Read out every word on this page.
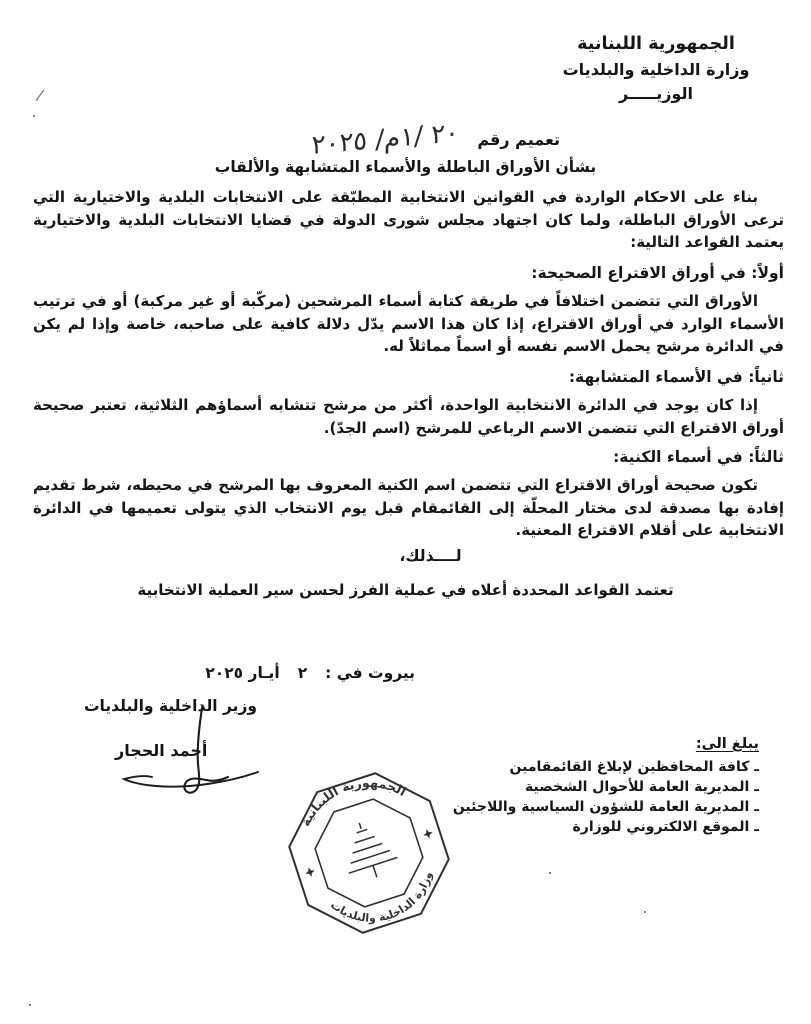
الجمهورية اللبنانية
وزارة الداخلية والبلديات
الوزيـــــر
تعميم رقم
٢٠ /١م/ ٢٠٢٥
بشأن الأوراق الباطلة والأسماء المتشابهة والألقاب
بناء على الاحكام الواردة في القوانين الانتخابية المطبّقة على الانتخابات البلدية والاختيارية التي ترعى الأوراق الباطلة، ولما كان اجتهاد مجلس شورى الدولة في قضايا الانتخابات البلدية والاختيارية يعتمد القواعد التالية:
أولاً: في أوراق الاقتراع الصحيحة:
الأوراق التي تتضمن اختلافاً في طريقة كتابة أسماء المرشحين (مركّبة أو غير مركبة) أو في ترتيب الأسماء الوارد في أوراق الاقتراع، إذا كان هذا الاسم يدّل دلالة كافية على صاحبه، خاصة وإذا لم يكن في الدائرة مرشح يحمل الاسم نفسه أو اسماً مماثلاً له.
ثانياً: في الأسماء المتشابهة:
إذا كان يوجد في الدائرة الانتخابية الواحدة، أكثر من مرشح تتشابه أسماؤهم الثلاثية، تعتبر صحيحة أوراق الاقتراع التي تتضمن الاسم الرباعي للمرشح (اسم الجدّ).
ثالثاً: في أسماء الكنية:
تكون صحيحة أوراق الاقتراع التي تتضمن اسم الكنية المعروف بها المرشح في محيطه، شرط تقديم إفادة بها مصدقة لدى مختار المحلّة إلى القائمقام قبل يوم الانتخاب الذي يتولى تعميمها في الدائرة الانتخابية على أقلام الاقتراع المعنية.
لــــذلك،
تعتمد القواعد المحددة أعلاه في عملية الفرز لحسن سير العملية الانتخابية
بيروت في :
٢
أيـار ٢٠٢٥
وزير الداخلية والبلديات
أحمد الحجار	يبلغ الى:
ـ كافة المحافظين لإبلاغ القائمقامين
ـ المديرية العامة للأحوال الشخصية
ـ المديرية العامة للشؤون السياسية واللاجئين
ـ الموقع الالكتروني للوزارة
الجمهورية اللبنانية
وزارة الداخلية والبلديات
